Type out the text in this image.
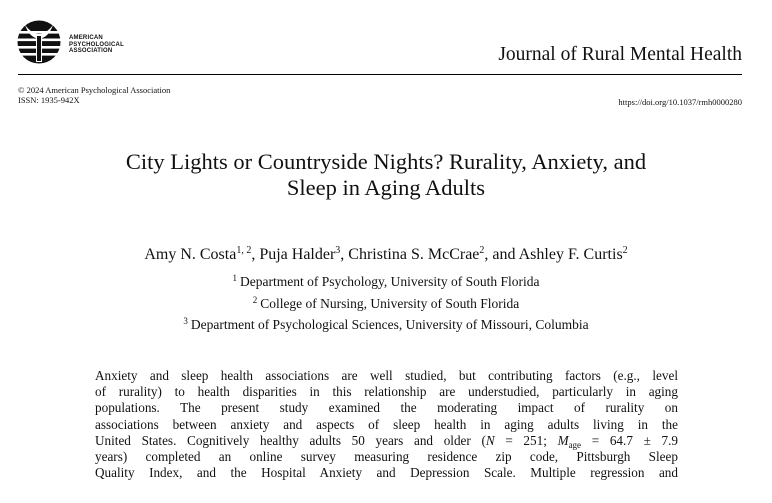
AMERICAN
PSYCHOLOGICAL
ASSOCIATION	Journal of Rural Mental Health
© 2024 American Psychological Association
ISSN: 1935-942X	https://doi.org/10.1037/rmh0000280
City Lights or Countryside Nights? Rurality, Anxiety, and
Sleep in Aging Adults
Amy N. Costa$^{1, 2}$, Puja Halder$^3$, Christina S. McCrae$^2$, and Ashley F. Curtis$^2$
$^1$ Department of Psychology, University of South Florida
$^2$ College of Nursing, University of South Florida
$^3$ Department of Psychological Sciences, University of Missouri, Columbia
Anxiety and sleep health associations are well studied, but contributing factors (e.g., level
of rurality) to health disparities in this relationship are understudied, particularly in aging
populations. The present study examined the moderating impact of rurality on
associations between anxiety and aspects of sleep health in aging adults living in the
United States. Cognitively healthy adults 50 years and older (N = 251; $M_{age} = 64.7 \pm 7.9$
years) completed an online survey measuring residence zip code, Pittsburgh Sleep
Quality Index, and the Hospital Anxiety and Depression Scale. Multiple regression and
